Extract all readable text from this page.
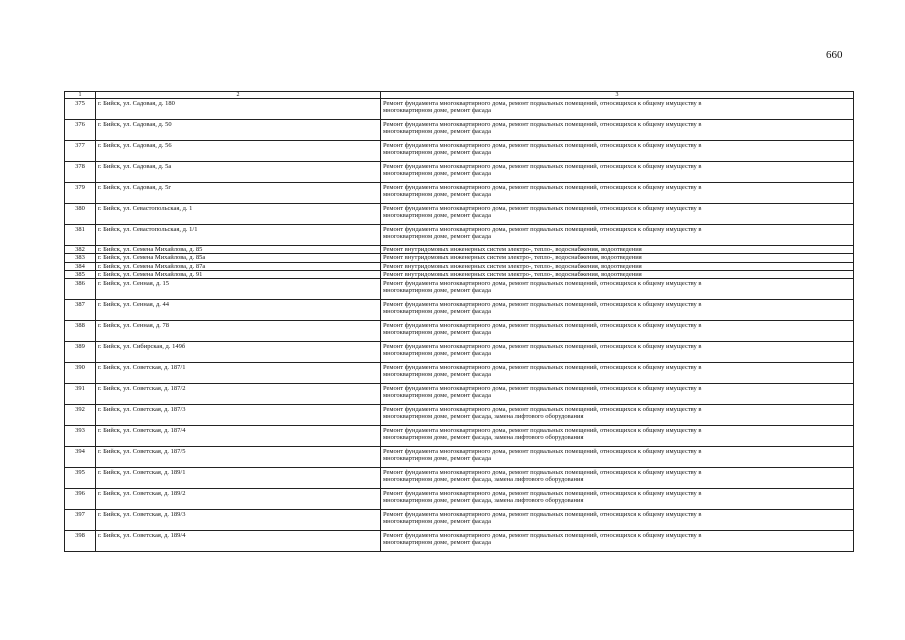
660
1	2	3
375	г. Бийск, ул. Садовая, д. 180	Ремонт фундамента многоквартирного дома, ремонт подвальных помещений, относящихся к общему имуществу в
многоквартирном доме, ремонт фасада

376	г. Бийск, ул. Садовая, д. 50	Ремонт фундамента многоквартирного дома, ремонт подвальных помещений, относящихся к общему имуществу в
многоквартирном доме, ремонт фасада

377	г. Бийск, ул. Садовая, д. 56	Ремонт фундамента многоквартирного дома, ремонт подвальных помещений, относящихся к общему имуществу в
многоквартирном доме, ремонт фасада

378	г. Бийск, ул. Садовая, д. 5а	Ремонт фундамента многоквартирного дома, ремонт подвальных помещений, относящихся к общему имуществу в
многоквартирном доме, ремонт фасада

379	г. Бийск, ул. Садовая, д. 5г	Ремонт фундамента многоквартирного дома, ремонт подвальных помещений, относящихся к общему имуществу в
многоквартирном доме, ремонт фасада

380	г. Бийск, ул. Севастопольская, д. 1	Ремонт фундамента многоквартирного дома, ремонт подвальных помещений, относящихся к общему имуществу в
многоквартирном доме, ремонт фасада

381	г. Бийск, ул. Севастопольская, д. 1/1	Ремонт фундамента многоквартирного дома, ремонт подвальных помещений, относящихся к общему имуществу в
многоквартирном доме, ремонт фасада

382	г. Бийск, ул. Семена Михайлова, д. 85	Ремонт внутридомовых инженерных систем электро-, тепло-, водоснабжения, водоотведения

383	г. Бийск, ул. Семена Михайлова, д. 85а	Ремонт внутридомовых инженерных систем электро-, тепло-, водоснабжения, водоотведения

384	г. Бийск, ул. Семена Михайлова, д. 87а	Ремонт внутридомовых инженерных систем электро-, тепло-, водоснабжения, водоотведения

385	г. Бийск, ул. Семена Михайлова, д. 91	Ремонт внутридомовых инженерных систем электро-, тепло-, водоснабжения, водоотведения

386	г. Бийск, ул. Сенная, д. 15	Ремонт фундамента многоквартирного дома, ремонт подвальных помещений, относящихся к общему имуществу в
многоквартирном доме, ремонт фасада

387	г. Бийск, ул. Сенная, д. 44	Ремонт фундамента многоквартирного дома, ремонт подвальных помещений, относящихся к общему имуществу в
многоквартирном доме, ремонт фасада

388	г. Бийск, ул. Сенная, д. 78	Ремонт фундамента многоквартирного дома, ремонт подвальных помещений, относящихся к общему имуществу в
многоквартирном доме, ремонт фасада

389	г. Бийск, ул. Сибирская, д. 149б	Ремонт фундамента многоквартирного дома, ремонт подвальных помещений, относящихся к общему имуществу в
многоквартирном доме, ремонт фасада

390	г. Бийск, ул. Советская, д. 187/1	Ремонт фундамента многоквартирного дома, ремонт подвальных помещений, относящихся к общему имуществу в
многоквартирном доме, ремонт фасада

391	г. Бийск, ул. Советская, д. 187/2	Ремонт фундамента многоквартирного дома, ремонт подвальных помещений, относящихся к общему имуществу в
многоквартирном доме, ремонт фасада

392	г. Бийск, ул. Советская, д. 187/3	Ремонт фундамента многоквартирного дома, ремонт подвальных помещений, относящихся к общему имуществу в
многоквартирном доме, ремонт фасада, замена лифтового оборудования

393	г. Бийск, ул. Советская, д. 187/4	Ремонт фундамента многоквартирного дома, ремонт подвальных помещений, относящихся к общему имуществу в
многоквартирном доме, ремонт фасада, замена лифтового оборудования

394	г. Бийск, ул. Советская, д. 187/5	Ремонт фундамента многоквартирного дома, ремонт подвальных помещений, относящихся к общему имуществу в
многоквартирном доме, ремонт фасада

395	г. Бийск, ул. Советская, д. 189/1	Ремонт фундамента многоквартирного дома, ремонт подвальных помещений, относящихся к общему имуществу в
многоквартирном доме, ремонт фасада, замена лифтового оборудования

396	г. Бийск, ул. Советская, д. 189/2	Ремонт фундамента многоквартирного дома, ремонт подвальных помещений, относящихся к общему имуществу в
многоквартирном доме, ремонт фасада, замена лифтового оборудования

397	г. Бийск, ул. Советская, д. 189/3	Ремонт фундамента многоквартирного дома, ремонт подвальных помещений, относящихся к общему имуществу в
многоквартирном доме, ремонт фасада

398	г. Бийск, ул. Советская, д. 189/4	Ремонт фундамента многоквартирного дома, ремонт подвальных помещений, относящихся к общему имуществу в
многоквартирном доме, ремонт фасада
